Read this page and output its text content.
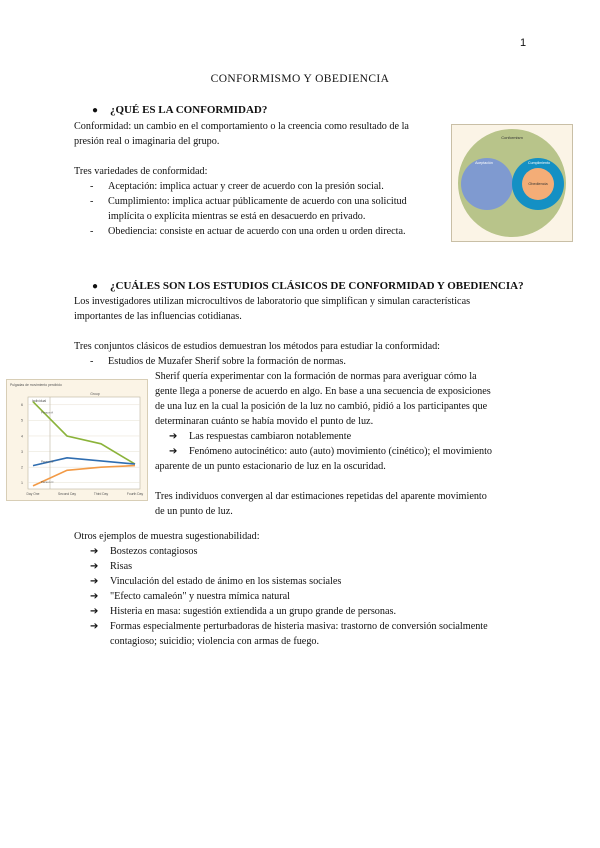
1
CONFORMISMO Y OBEDIENCIA
● ¿QUÉ ES LA CONFORMIDAD?
Conformidad: un cambio en el comportamiento o la creencia como resultado de la
presión real o imaginaria del grupo.
Tres variedades de conformidad:
- Aceptación: implica actuar y creer de acuerdo con la presión social.
- Cumplimiento: implica actuar públicamente de acuerdo con una solicitud
implícita o explícita mientras se está en desacuerdo en privado.
- Obediencia: consiste en actuar de acuerdo con una orden u orden directa.
Conformism
Aceptación	Cumplimiento
Obediencia
● ¿CUÁLES SON LOS ESTUDIOS CLÁSICOS DE CONFORMIDAD Y OBEDIENCIA?
Los investigadores utilizan microcultivos de laboratorio que simplifican y simulan características
importantes de las influencias cotidianas.
Tres conjuntos clásicos de estudios demuestran los métodos para estudiar la conformidad:
- Estudios de Muzafer Sherif sobre la formación de normas.
Sherif quería experimentar con la formación de normas para averiguar cómo la
gente llega a ponerse de acuerdo en algo. En base a una secuencia de exposiciones
de una luz en la cual la posición de la luz no cambió, pidió a los participantes que
determinaran cuánto se había movido el punto de luz.
➔ Las respuestas cambiaron notablemente
➔ Fenómeno autocinético: auto (auto) movimiento (cinético); el movimiento
aparente de un punto estacionario de luz en la oscuridad.
Tres individuos convergen al dar estimaciones repetidas del aparente movimiento
de un punto de luz.
Pulgadas de movimiento percibido
1
2
3
4
5
6
Individual
Group
Day One	Second Day	Third Day	Fourth Day
Person A
Person B
Person C
Otros ejemplos de muestra sugestionabilidad:
➔ Bostezos contagiosos
➔ Risas
➔ Vinculación del estado de ánimo en los sistemas sociales
➔ "Efecto camaleón" y nuestra mímica natural
➔ Histeria en masa: sugestión extiendida a un grupo grande de personas.
➔ Formas especialmente perturbadoras de histeria masiva: trastorno de conversión socialmente
contagioso; suicidio; violencia con armas de fuego.
